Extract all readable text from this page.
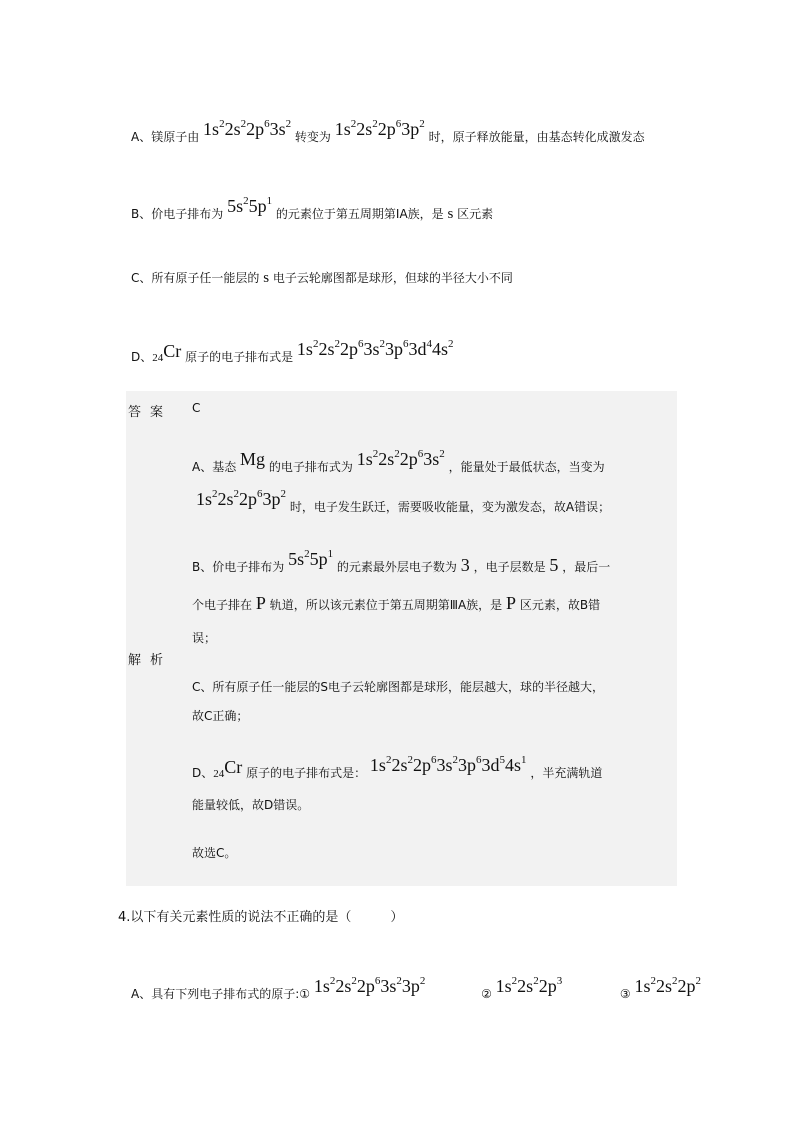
A、镁原子由 $1s^22s^22p^63s^2$ 转变为 $1s^22s^22p^63p^2$ 时，原子释放能量，由基态转化成激发态
B、价电子排布为 $5s^25p^1$ 的元素位于第五周期第ⅠA族，是 s 区元素
C、所有原子任一能层的 s 电子云轮廓图都是球形，但球的半径大小不同
D、24Cr 原子的电子排布式是 $1s^22s^22p^63s^23p^63d^44s^2$
答案 C
解析
A、基态 Mg 的电子排布式为 $1s^22s^22p^63s^2$ ，能量处于最低状态，当变为
$1s^22s^22p^63p^2$ 时，电子发生跃迁，需要吸收能量，变为激发态，故A错误；
B、价电子排布为 $5s^25p^1$ 的元素最外层电子数为 3 ，电子层数是 5 ，最后一
个电子排在 P 轨道，所以该元素位于第五周期第ⅢA族，是 P 区元素，故B错
误；
C、所有原子任一能层的S电子云轮廓图都是球形，能层越大，球的半径越大，
故C正确；
D、24Cr 原子的电子排布式是： $1s^22s^22p^63s^23p^63d^54s^1$ ，半充满轨道
能量较低，故D错误。
故选C。
4.以下有关元素性质的说法不正确的是（　　　）
A、具有下列电子排布式的原子:① $1s^22s^22p^63s^23p^2$  ② $1s^22s^22p^3$  ③ $1s^22s^22p^2$
